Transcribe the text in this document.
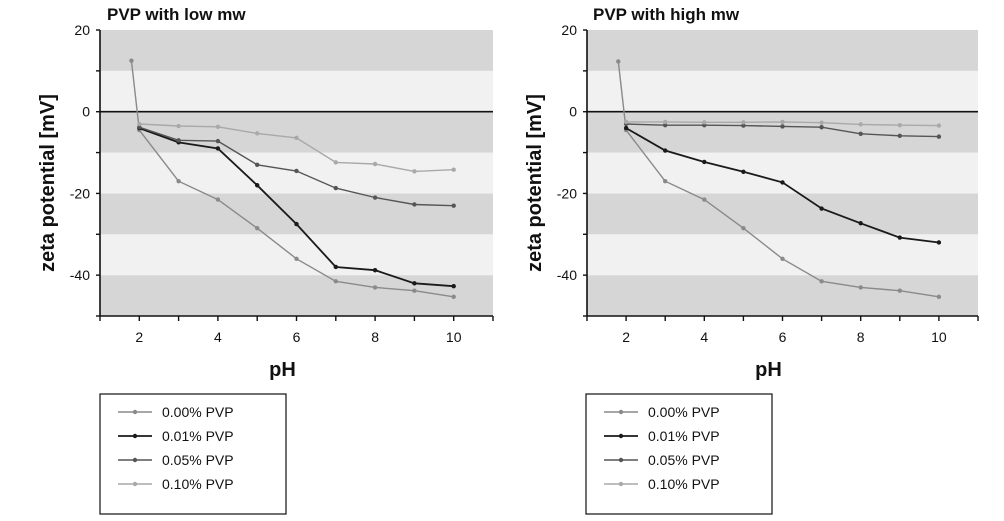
20
0
-20
-40
2	4	6	8	10
PVP with low mw
pH
zeta potential [mV]
0.00% PVP
0.01% PVP
0.05% PVP
0.10% PVP
20
0
-20
-40
2	4	6	8	10
PVP with high mw
pH
zeta potential [mV]
0.00% PVP
0.01% PVP
0.05% PVP
0.10% PVP
